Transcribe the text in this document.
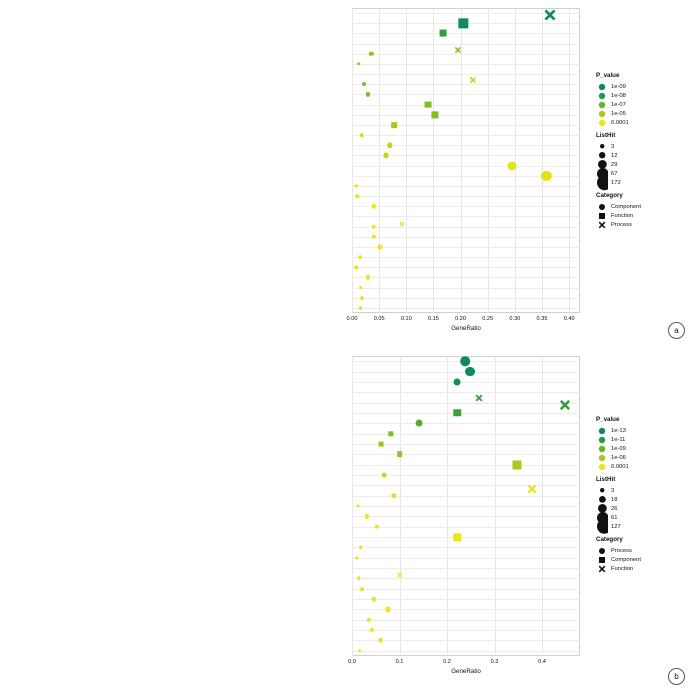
0.00	0.05	0.10	0.15	0.20	0.25	0.30	0.35	0.40
GeneRatio
P_value
1e-09
1e-08
1e-07
1e-05
0.0001
ListHit
3
12
29
67
172
Category
Component
Function
Process
a
0.0	0.1	0.2	0.3	0.4
GeneRatio
P_value
1e-13
1e-11
1e-09
1e-06
0.0001
ListHit
3
18
26
61
127
Category
Process
Component
Function
b
